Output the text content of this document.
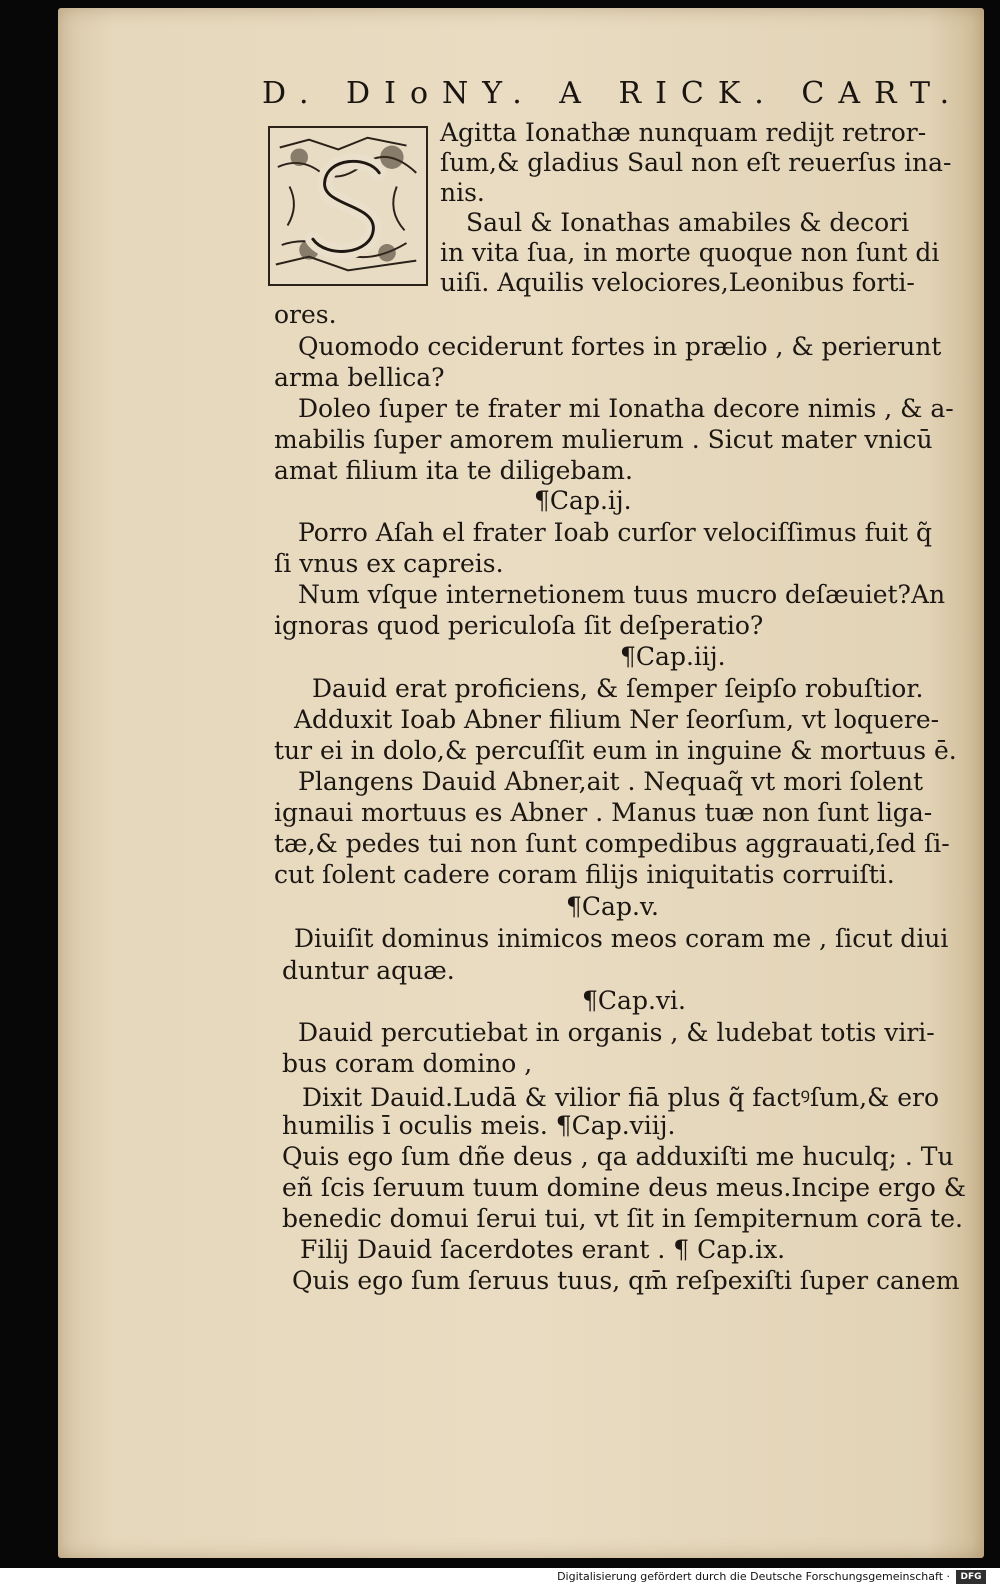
D. DIoNY. A RICK. CART.
Agitta Ionathæ nunquam redijt retror-
ſum,& gladius Saul non eſt reuerſus ina-
nis.
Saul & Ionathas amabiles & decori
in vita ſua, in morte quoque non ſunt di
uiſi. Aquilis velociores,Leonibus forti-
ores.
Quomodo ceciderunt fortes in prælio , & perierunt
arma bellica?
Doleo ſuper te frater mi Ionatha decore nimis , & a-
mabilis ſuper amorem mulierum . Sicut mater vnicū
amat filium ita te diligebam.
¶Cap.ij.
Porro Aſah el frater Ioab curſor velociſſimus fuit q̃
ſi vnus ex capreis.
Num vſque internetionem tuus mucro deſæuiet?An
ignoras quod periculoſa ſit deſperatio?
¶Cap.iij.
Dauid erat proficiens, & ſemper ſeipſo robuſtior.
Adduxit Ioab Abner filium Ner ſeorſum, vt loquere-
tur ei in dolo,& percuſſit eum in inguine & mortuus ē.
Plangens Dauid Abner,ait . Nequaq̃ vt mori ſolent
ignaui mortuus es Abner . Manus tuæ non ſunt liga-
tæ,& pedes tui non ſunt compedibus aggrauati,ſed ſi-
cut ſolent cadere coram filijs iniquitatis corruiſti.
¶Cap.v.
Diuiſit dominus inimicos meos coram me , ſicut diui
duntur aquæ.
¶Cap.vi.
Dauid percutiebat in organis , & ludebat totis viri-
bus coram domino ,
Dixit Dauid.Ludā & vilior fiā plus q̃ factꝰſum,& ero
humilis ī oculis meis. ¶Cap.viij.
Quis ego ſum dñe deus , qa adduxiſti me huculq; . Tu
eñ ſcis ſeruum tuum domine deus meus.Incipe ergo &
benedic domui ſerui tui, vt ſit in ſempiternum corā te.
Filij Dauid ſacerdotes erant . ¶ Cap.ix.
Quis ego ſum ſeruus tuus, qm̄ reſpexiſti ſuper canem
Digitalisierung gefördert durch die Deutsche Forschungsgemeinschaft ·	DFG
